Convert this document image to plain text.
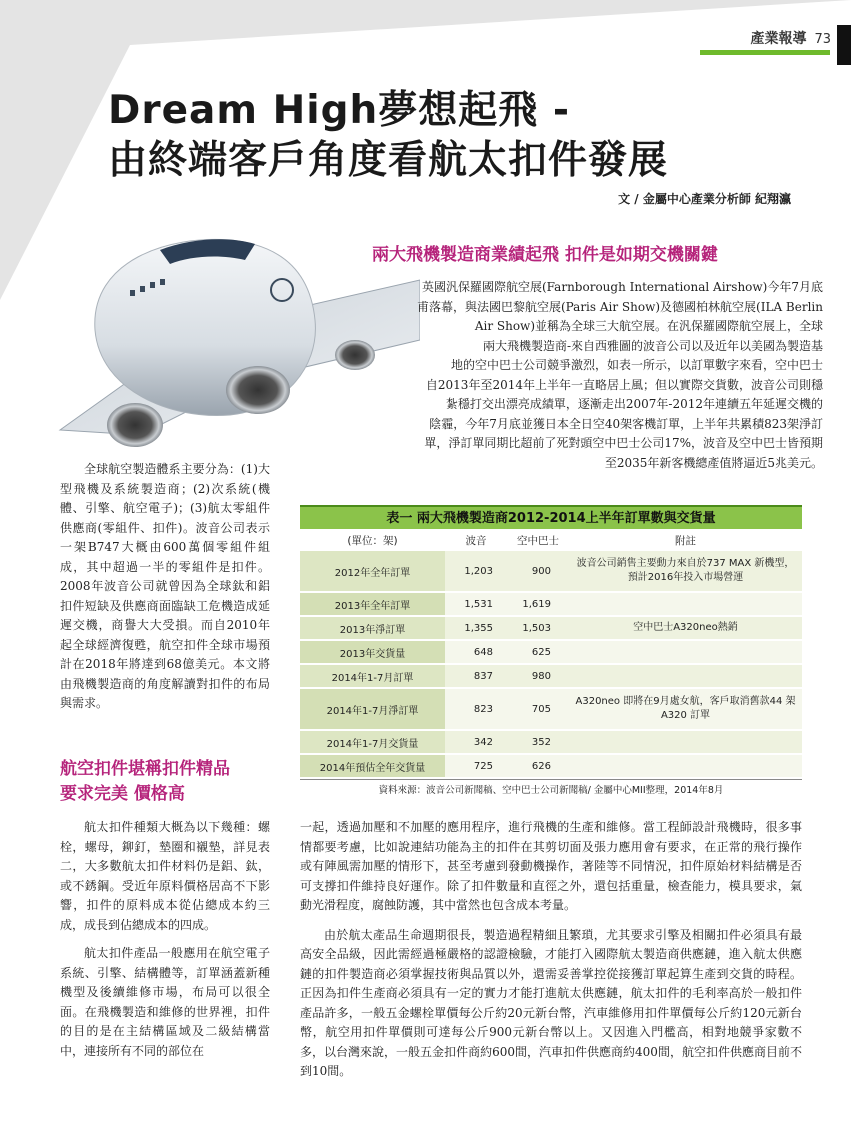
產業報導 73
Dream High夢想起飛 -
由終端客戶角度看航太扣件發展
文 / 金屬中心產業分析師 紀翔瀛
兩大飛機製造商業績起飛 扣件是如期交機關鍵
英國汎保羅國際航空展(Farnborough International Airshow)今年7月底
甫落幕，與法國巴黎航空展(Paris Air Show)及德國柏林航空展(ILA Berlin
Air Show)並稱為全球三大航空展。在汎保羅國際航空展上，全球
兩大飛機製造商-來自西雅圖的波音公司以及近年以美國為製造基
地的空中巴士公司競爭激烈，如表一所示，以訂單數字來看，空中巴士
自2013年至2014年上半年一直略居上風；但以實際交貨數，波音公司則穩
紮穩打交出漂亮成績單，逐漸走出2007年-2012年連續五年延遲交機的
陰霾，今年7月底並獲日本全日空40架客機訂單，上半年共累積823架淨訂
單，淨訂單同期比超前了死對頭空中巴士公司17%，波音及空中巴士皆預期
至2035年新客機總產值將逼近5兆美元。

全球航空製造體系主要分為：(1)大型飛機及系統製造商；(2)次系統(機體、引擎、航空電子)；(3)航太零組件供應商(零組件、扣件)。波音公司表示一架B747大概由600萬個零組件組成，其中超過一半的零組件是扣件。2008年波音公司就曾因為全球鈦和鋁扣件短缺及供應商面臨缺工危機造成延遲交機，商譽大大受損。而自2010年起全球經濟復甦，航空扣件全球市場預計在2018年將達到68億美元。本文將由飛機製造商的角度解讀對扣件的布局與需求。

表一 兩大飛機製造商2012-2014上半年訂單數與交貨量
(單位：架)	波音	空中巴士	附註
2012年全年訂單	1,203	900	波音公司銷售主要動力來自於737 MAX 新機型，預計2016年投入市場營運
2013年全年訂單	1,531	1,619	
2013年淨訂單	1,355	1,503	空中巴士A320neo熱銷
2013年交貨量	648	625	
2014年1-7月訂單	837	980	
2014年1-7月淨訂單	823	705	A320neo 即將在9月處女航，客戶取消舊款44 架A320 訂單
2014年1-7月交貨量	342	352	
2014年預估全年交貨量	725	626	
資料來源：波音公司新聞稿、空中巴士公司新聞稿/ 金屬中心MII整理，2014年8月
航空扣件堪稱扣件精品
要求完美 價格高

航太扣件種類大概為以下幾種：螺栓，螺母，鉚釘，墊圈和襯墊，詳見表二，大多數航太扣件材料仍是鋁、鈦，或不銹鋼。受近年原料價格居高不下影響，扣件的原料成本從佔總成本約三成，成長到佔總成本的四成。

航太扣件產品一般應用在航空電子系統、引擎、結構體等，訂單涵蓋新種機型及後續維修市場，布局可以很全面。在飛機製造和維修的世界裡，扣件的目的是在主結構區域及二級結構當中，連接所有不同的部位在

一起，透過加壓和不加壓的應用程序，進行飛機的生產和維修。當工程師設計飛機時，很多事情都要考慮，比如說連結功能為主的扣件在其剪切面及張力應用會有要求，在正常的飛行操作或有陣風需加壓的情形下，甚至考慮到發動機操作，著陸等不同情況，扣件原始材料結構是否可支撐扣件維持良好運作。除了扣件數量和直徑之外，還包括重量，檢查能力，模具要求，氣動光滑程度，腐蝕防護，其中當然也包含成本考量。

由於航太產品生命週期很長，製造過程精細且繁瑣，尤其要求引擎及相關扣件必須具有最高安全品級，因此需經過極嚴格的認證檢驗，才能打入國際航太製造商供應鏈，進入航太供應鏈的扣件製造商必須掌握技術與品質以外，還需妥善掌控從接獲訂單起算生產到交貨的時程。正因為扣件生產商必須具有一定的實力才能打進航太供應鏈，航太扣件的毛利率高於一般扣件產品許多，一般五金螺栓單價每公斤約20元新台幣，汽車維修用扣件單價每公斤約120元新台幣，航空用扣件單價則可達每公斤900元新台幣以上。又因進入門檻高，相對地競爭家數不多，以台灣來說，一般五金扣件商約600間，汽車扣件供應商約400間，航空扣件供應商目前不到10間。
